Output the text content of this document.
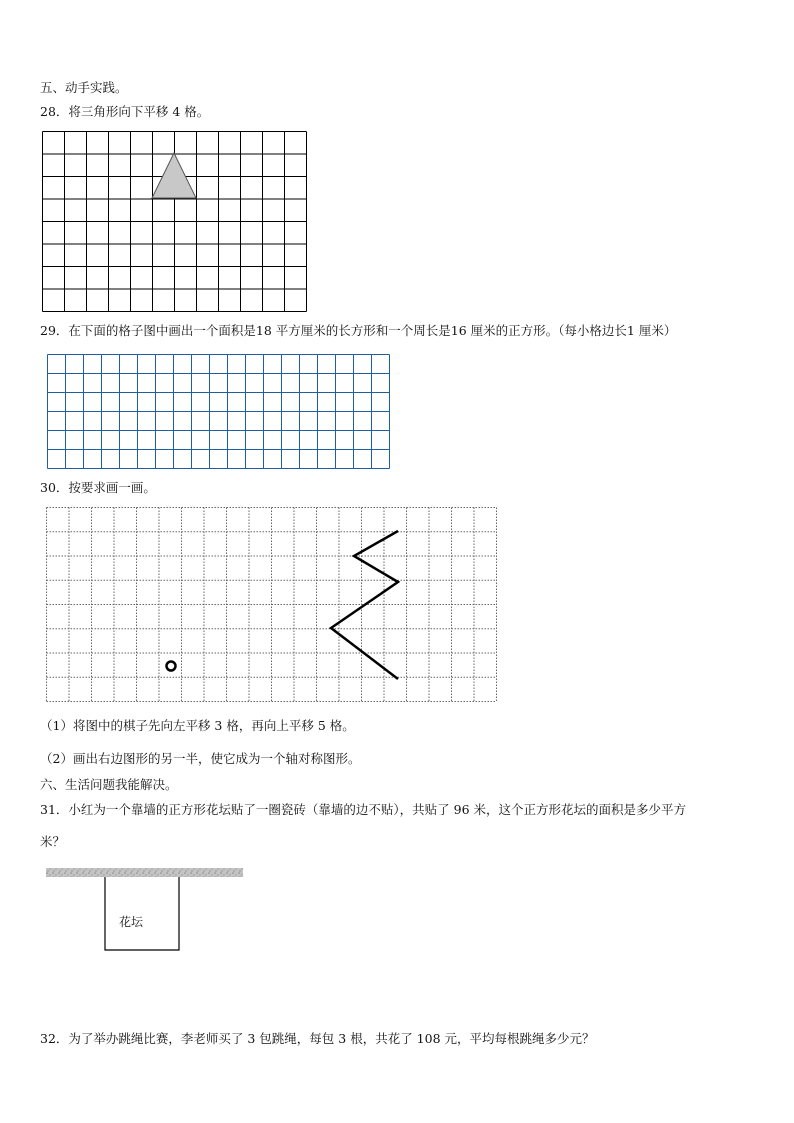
五、动手实践。
28．将三角形向下平移 4 格。
29．在下面的格子图中画出一个面积是18 平方厘米的长方形和一个周长是16 厘米的正方形。（每小格边长1 厘米）
30．按要求画一画。
（1）将图中的棋子先向左平移 3 格，再向上平移 5 格。
（2）画出右边图形的另一半，使它成为一个轴对称图形。
六、生活问题我能解决。
31．小红为一个靠墙的正方形花坛贴了一圈瓷砖（靠墙的边不贴），共贴了 96 米，这个正方形花坛的面积是多少平方
米？
花坛
32．为了举办跳绳比赛，李老师买了 3 包跳绳，每包 3 根，共花了 108 元，平均每根跳绳多少元？
